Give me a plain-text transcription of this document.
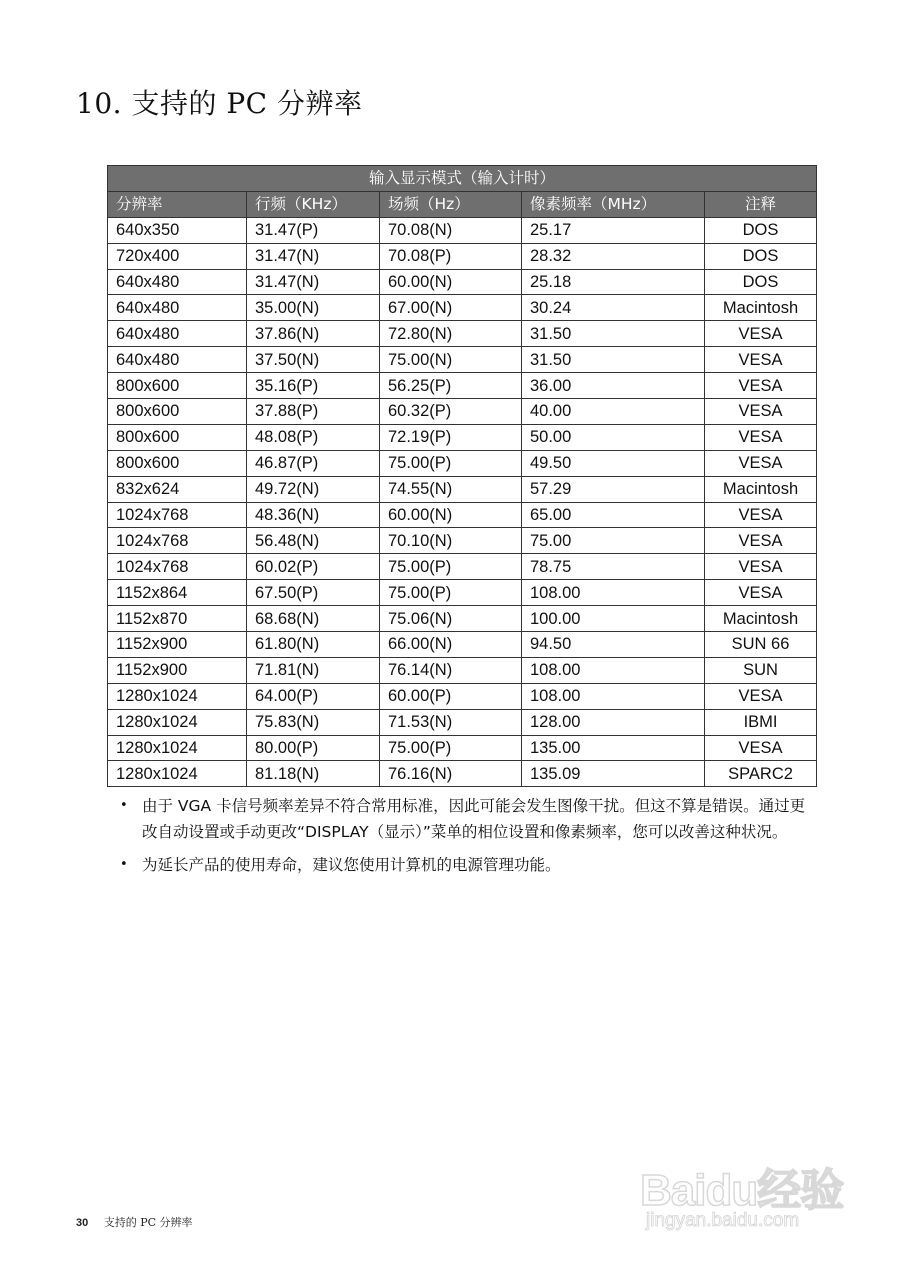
10. 支持的 PC 分辨率
输入显示模式（输入计时）				
分辨率	行频（KHz）	场频（Hz）	像素频率（MHz）	注释
640x350	31.47(P)	70.08(N)	25.17	DOS
720x400	31.47(N)	70.08(P)	28.32	DOS
640x480	31.47(N)	60.00(N)	25.18	DOS
640x480	35.00(N)	67.00(N)	30.24	Macintosh
640x480	37.86(N)	72.80(N)	31.50	VESA
640x480	37.50(N)	75.00(N)	31.50	VESA
800x600	35.16(P)	56.25(P)	36.00	VESA
800x600	37.88(P)	60.32(P)	40.00	VESA
800x600	48.08(P)	72.19(P)	50.00	VESA
800x600	46.87(P)	75.00(P)	49.50	VESA
832x624	49.72(N)	74.55(N)	57.29	Macintosh
1024x768	48.36(N)	60.00(N)	65.00	VESA
1024x768	56.48(N)	70.10(N)	75.00	VESA
1024x768	60.02(P)	75.00(P)	78.75	VESA
1152x864	67.50(P)	75.00(P)	108.00	VESA
1152x870	68.68(N)	75.06(N)	100.00	Macintosh
1152x900	61.80(N)	66.00(N)	94.50	SUN 66
1152x900	71.81(N)	76.14(N)	108.00	SUN
1280x1024	64.00(P)	60.00(P)	108.00	VESA
1280x1024	75.83(N)	71.53(N)	128.00	IBMI
1280x1024	80.00(P)	75.00(P)	135.00	VESA
1280x1024	81.18(N)	76.16(N)	135.09	SPARC2
• 由于 VGA 卡信号频率差异不符合常用标准，因此可能会发生图像干扰。但这不算是错误。通过更改自动设置或手动更改“DISPLAY（显示）”菜单的相位设置和像素频率，您可以改善这种状况。
• 为延长产品的使用寿命，建议您使用计算机的电源管理功能。
30 支持的 PC 分辨率
Baidu经验
jingyan.baidu.com
